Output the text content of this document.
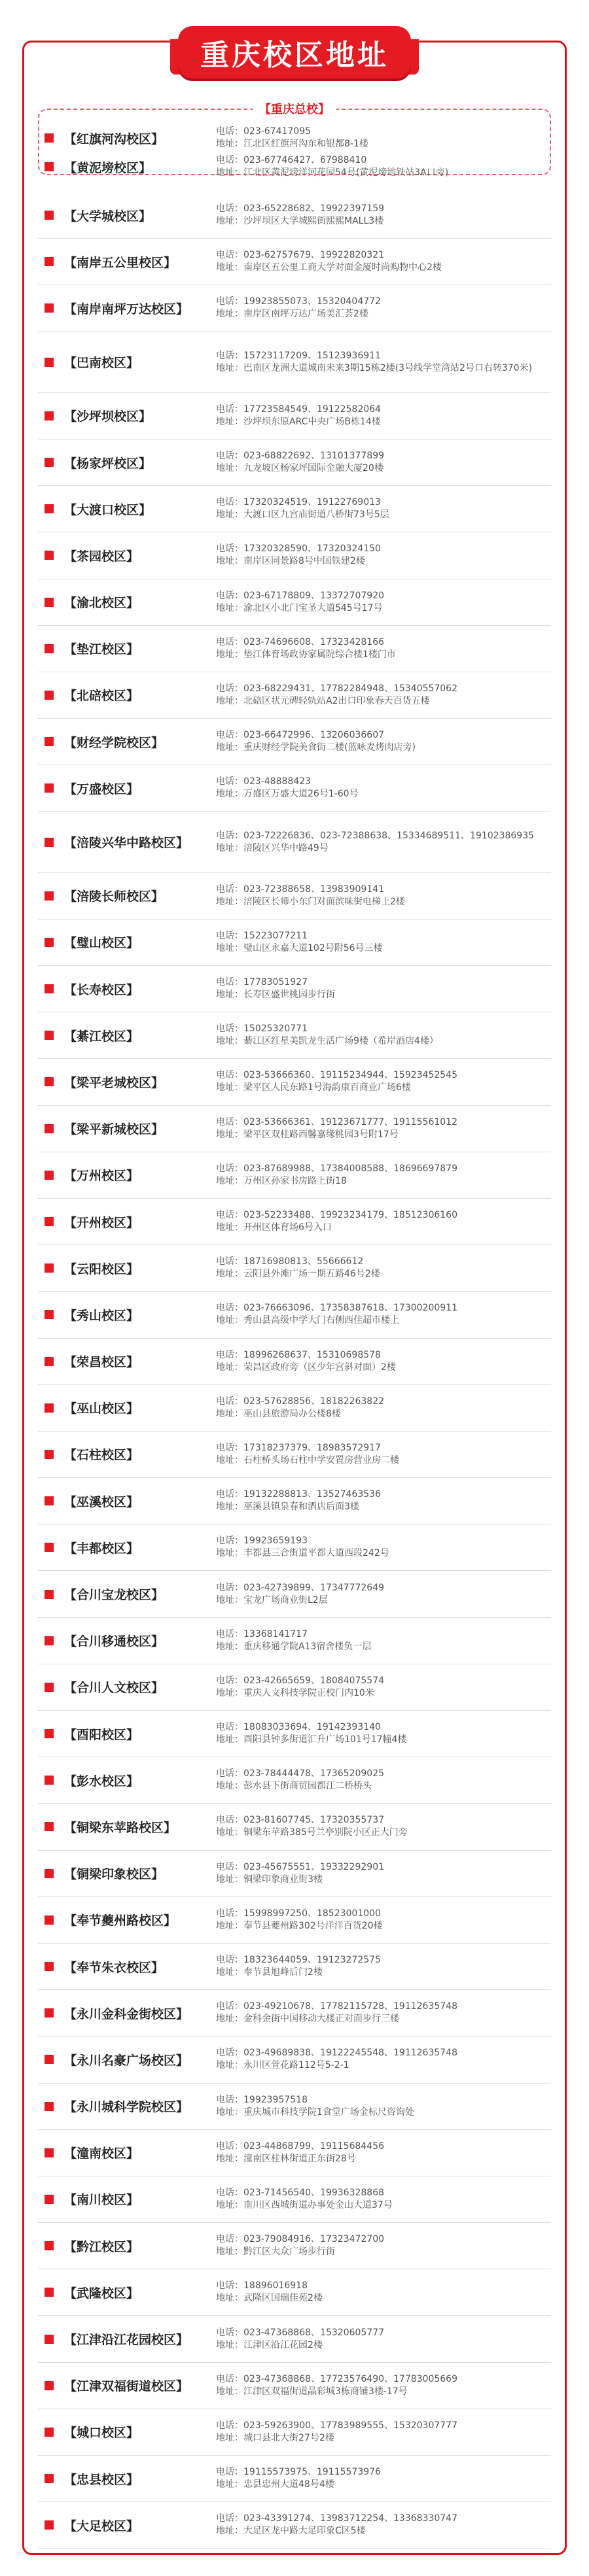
重庆校区地址
【重庆总校】
【红旗河沟校区】
电话：023-67417095
地址：江北区红旗河沟东和银都8-1楼
【黄泥塝校区】
电话：023-67746427、67988410
地址：江北区黄泥塝洋河花园54号(黄泥塝地铁站3A口旁)
【大学城校区】
电话：023-65228682、19922397159
地址：沙坪坝区大学城熙街熙熙MALL3楼
【南岸五公里校区】
电话：023-62757679、19922820321
地址：南岸区五公里工商大学对面金厦时尚购物中心2楼
【南岸南坪万达校区】
电话：19923855073、15320404772
地址：南岸区南坪万达广场美汇荟2楼
【巴南校区】
电话：15723117209、15123936911
地址：巴南区龙洲大道城南未来3期15栋2楼(3号线学堂湾站2号口右转370米)
【沙坪坝校区】
电话：17723584549、19122582064
地址：沙坪坝东原ARC中央广场B栋14楼
【杨家坪校区】
电话：023-68822692、13101377899
地址：九龙坡区杨家坪国际金融大厦20楼
【大渡口校区】
电话：17320324519、19122769013
地址：大渡口区九宫庙街道八桥街73号5层
【茶园校区】
电话：17320328590、17320324150
地址：南岸区同景路8号中国铁建2楼
【渝北校区】
电话：023-67178809、13372707920
地址：渝北区小北门宝圣大道545号17号
【垫江校区】
电话：023-74696608、17323428166
地址：垫江体育场政协家属院综合楼1楼门市
【北碚校区】
电话：023-68229431、17782284948、15340557062
地址：北碚区状元碑轻轨站A2出口印象春天百货五楼
【财经学院校区】
电话：023-66472996、13206036607
地址：重庆财经学院美食街二楼(蓝咏麦烤肉店旁)
【万盛校区】
电话：023-48888423
地址：万盛区万盛大道26号1-60号
【涪陵兴华中路校区】
电话：023-72226836、023-72388638、15334689511、19102386935
地址：涪陵区兴华中路49号
【涪陵长师校区】
电话：023-72388658、13983909141
地址：涪陵区长师小东门对面滨味街电梯上2楼
【璧山校区】
电话：15223077211
地址：璧山区永嘉大道102号附56号三楼
【长寿校区】
电话：17783051927
地址：长寿区盛世桃园步行街
【綦江校区】
电话：15025320771
地址：綦江区红星美凯龙生活广场9楼（希岸酒店4楼）
【梁平老城校区】
电话：023-53666360、19115234944、15923452545
地址：梁平区人民东路1号海韵康百商业广场6楼
【梁平新城校区】
电话：023-53666361、19123671777、19115561012
地址：梁平区双桂路西馨嘉缘桃园3号附17号
【万州校区】
电话：023-87689988、17384008588、18696697879
地址：万州区孙家书房路上街18
【开州校区】
电话：023-52233488、19923234179、18512306160
地址：开州区体育场6号入口
【云阳校区】
电话：18716980813、55666612
地址：云阳县外滩广场一期五路46号2楼
【秀山校区】
电话：023-76663096、17358387618、17300200911
地址：秀山县高级中学大门右侧西佳超市楼上
【荣昌校区】
电话：18996268637、15310698578
地址：荣昌区政府旁（区少年宫斜对面）2楼
【巫山校区】
电话：023-57628856、18182263822
地址：巫山县旅游局办公楼8楼
【石柱校区】
电话：17318237379、18983572917
地址：石柱桥头场石柱中学安置房营业房二楼
【巫溪校区】
电话：19132288813、13527463536
地址：巫溪县镇泉春和酒店后面3楼
【丰都校区】
电话：19923659193
地址：丰都县三合街道平都大道西段242号
【合川宝龙校区】
电话：023-42739899、17347772649
地址：宝龙广场商业街L2层
【合川移通校区】
电话：13368141717
地址：重庆移通学院A13宿舍楼负一层
【合川人文校区】
电话：023-42665659、18084075574
地址：重庆人文科技学院正校门内10米
【酉阳校区】
电话：18083033694、19142393140
地址：酉阳县钟多街道汇升广场101号17幢4楼
【彭水校区】
电话：023-78444478、17365209025
地址：彭水县下街商贸园都江二桥桥头
【铜梁东苹路校区】
电话：023-81607745、17320355737
地址：铜梁东苹路385号兰亭别院小区正大门旁
【铜梁印象校区】
电话：023-45675551、19332292901
地址：铜梁印象商业街3楼
【奉节夔州路校区】
电话：15998997250、18523001000
地址：奉节县夔州路302号洋洋百货20楼
【奉节朱衣校区】
电话：18323644059、19123272575
地址：奉节县旭峰后门2楼
【永川金科金街校区】
电话：023-49210678、17782115728、19112635748
地址：金科金街中国移动大楼正对面步行三楼
【永川名豪广场校区】
电话：023-49689838、19122245548、19112635748
地址：永川区萱花路112号5-2-1
【永川城科学院校区】
电话：19923957518
地址：重庆城市科技学院1食堂广场金标尺咨询处
【潼南校区】
电话：023-44868799、19115684456
地址：潼南区桂林街道正东街28号
【南川校区】
电话：023-71456540、19936328868
地址：南川区西城街道办事处金山大道37号
【黔江校区】
电话：023-79084916、17323472700
地址：黔江区大众广场步行街
【武隆校区】
电话：18896016918
地址：武隆区国瑞佳苑2楼
【江津沿江花园校区】
电话：023-47368868、15320605777
地址：江津区沿江花园2楼
【江津双福街道校区】
电话：023-47368868、17723576490、17783005669
地址：江津区双福街道晶彩城3栋商铺3楼-17号
【城口校区】
电话：023-59263900、17783989555、15320307777
地址：城口县北大街27号2楼
【忠县校区】
电话：19115573975、19115573976
地址：忠县忠州大道48号4楼
【大足校区】
电话：023-43391274、13983712254、13368330747
地址：大足区龙中路大足印象C区5楼
